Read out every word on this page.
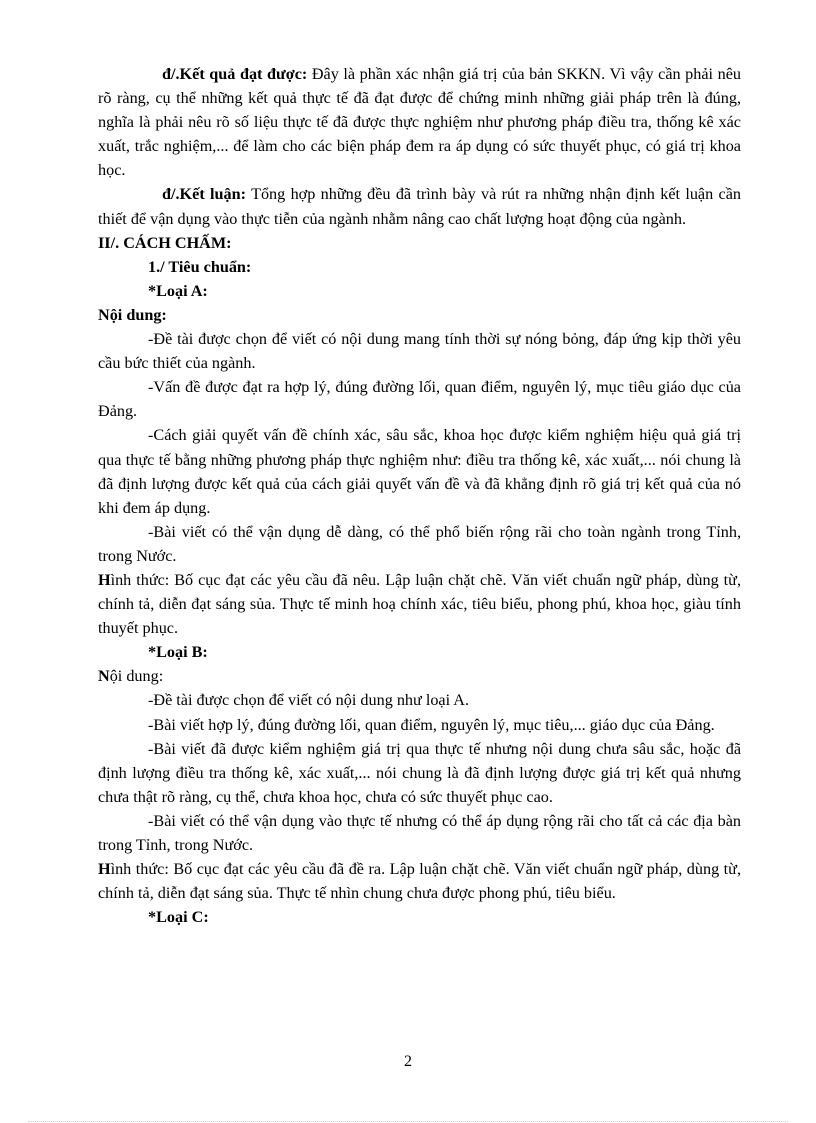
đ/.Kết quả đạt được: Đây là phần xác nhận giá trị của bản SKKN. Vì vậy cần phải nêu rõ ràng, cụ thể những kết quả thực tế đã đạt được để chứng minh những giải pháp trên là đúng, nghĩa là phải nêu rõ số liệu thực tế đã được thực nghiệm như phương pháp điều tra, thống kê xác xuất, trắc nghiệm,... để làm cho các biện pháp đem ra áp dụng có sức thuyết phục, có giá trị khoa học.

đ/.Kết luận: Tổng hợp những đều đã trình bày và rút ra những nhận định kết luận cần thiết để vận dụng vào thực tiễn của ngành nhằm nâng cao chất lượng hoạt động của ngành.

II/. CÁCH CHẤM:

1./ Tiêu chuẩn:

*Loại A:

Nội dung:

-Đề tài được chọn để viết có nội dung mang tính thời sự nóng bỏng, đáp ứng kịp thời yêu cầu bức thiết của ngành.

-Vấn đề được đạt ra hợp lý, đúng đường lối, quan điểm, nguyên lý, mục tiêu giáo dục của Đảng.

-Cách giải quyết vấn đề chính xác, sâu sắc, khoa học được kiểm nghiệm hiệu quả giá trị qua thực tế bằng những phương pháp thực nghiệm như: điều tra thống kê, xác xuất,... nói chung là đã định lượng được kết quả của cách giải quyết vấn đề và đã khẳng định rõ giá trị kết quả của nó khi đem áp dụng.

-Bài viết có thể vận dụng dễ dàng, có thể phổ biến rộng rãi cho toàn ngành trong Tỉnh, trong Nước.

Hình thức: Bố cục đạt các yêu cầu đã nêu. Lập luận chặt chẽ. Văn viết chuẩn ngữ pháp, dùng từ, chính tả, diễn đạt sáng sủa. Thực tế minh hoạ chính xác, tiêu biểu, phong phú, khoa học, giàu tính thuyết phục.

*Loại B:

Nội dung:

-Đề tài được chọn để viết có nội dung như loại A.

-Bài viết hợp lý, đúng đường lối, quan điểm, nguyên lý, mục tiêu,... giáo dục của Đảng.

-Bài viết đã được kiểm nghiệm giá trị qua thực tế nhưng nội dung chưa sâu sắc, hoặc đã định lượng điều tra thống kê, xác xuất,... nói chung là đã định lượng được giá trị kết quả nhưng chưa thật rõ ràng, cụ thể, chưa khoa học, chưa có sức thuyết phục cao.

-Bài viết có thể vận dụng vào thực tế nhưng có thể áp dụng rộng rãi cho tất cả các địa bàn trong Tỉnh, trong Nước.

Hình thức: Bố cục đạt các yêu cầu đã đề ra. Lập luận chặt chẽ. Văn viết chuẩn ngữ pháp, dùng từ, chính tả, diễn đạt sáng sủa. Thực tế nhìn chung chưa được phong phú, tiêu biểu.

*Loại C:

2
